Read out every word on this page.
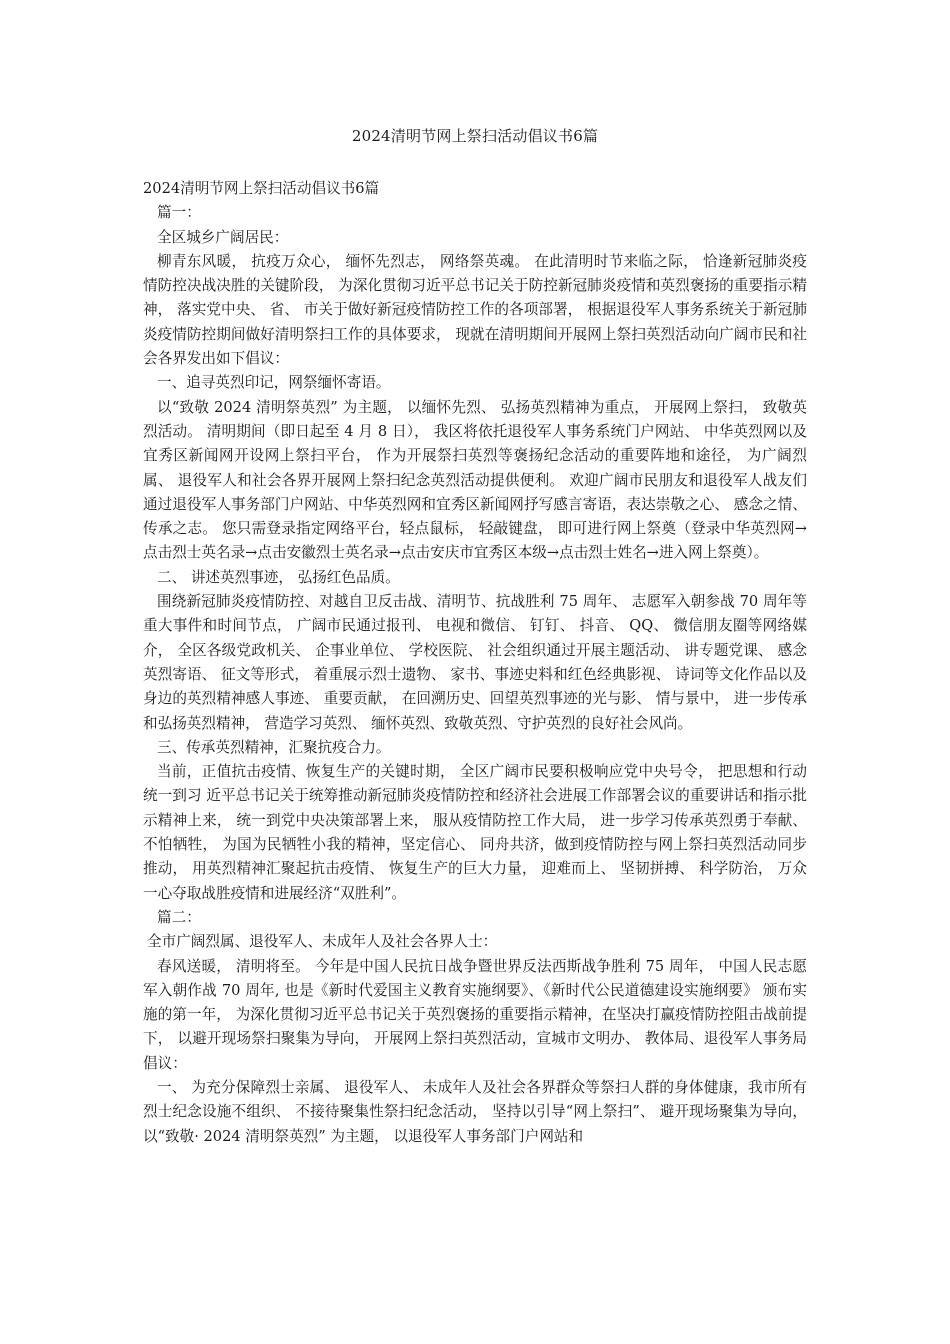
2024清明节网上祭扫活动倡议书6篇

2024清明节网上祭扫活动倡议书6篇

篇一：

全区城乡广阔居民：

柳青东风暖， 抗疫万众心， 缅怀先烈志， 网络祭英魂。 在此清明时节来临之际， 恰逢新冠肺炎疫情防控决战决胜的关键阶段， 为深化贯彻习近平总书记关于防控新冠肺炎疫情和英烈褒扬的重要指示精神， 落实党中央、 省、 市关于做好新冠疫情防控工作的各项部署， 根据退役军人事务系统关于新冠肺炎疫情防控期间做好清明祭扫工作的具体要求， 现就在清明期间开展网上祭扫英烈活动向广阔市民和社会各界发出如下倡议：

一、追寻英烈印记，网祭缅怀寄语。

以“致敬 2024 清明祭英烈” 为主题， 以缅怀先烈、 弘扬英烈精神为重点， 开展网上祭扫， 致敬英烈活动。 清明期间（即日起至 4 月 8 日）， 我区将依托退役军人事务系统门户网站、 中华英烈网以及宜秀区新闻网开设网上祭扫平台， 作为开展祭扫英烈等褒扬纪念活动的重要阵地和途径， 为广阔烈属、 退役军人和社会各界开展网上祭扫纪念英烈活动提供便利。 欢迎广阔市民朋友和退役军人战友们通过退役军人事务部门户网站、中华英烈网和宜秀区新闻网抒写感言寄语，表达崇敬之心、 感念之情、 传承之志。 您只需登录指定网络平台，轻点鼠标， 轻敲键盘， 即可进行网上祭奠（登录中华英烈网→点击烈士英名录→点击安徽烈士英名录→点击安庆市宜秀区本级→点击烈士姓名→进入网上祭奠）。

二、 讲述英烈事迹， 弘扬红色品质。

围绕新冠肺炎疫情防控、对越自卫反击战、清明节、抗战胜利 75 周年、 志愿军入朝参战 70 周年等重大事件和时间节点， 广阔市民通过报刊、 电视和微信、 钉钉、 抖音、 QQ、 微信朋友圈等网络媒介， 全区各级党政机关、 企事业单位、 学校医院、 社会组织通过开展主题活动、 讲专题党课、 感念英烈寄语、 征文等形式， 着重展示烈士遗物、 家书、事迹史料和红色经典影视、 诗词等文化作品以及身边的英烈精神感人事迹、 重要贡献， 在回溯历史、回望英烈事迹的光与影、 情与景中， 进一步传承和弘扬英烈精神， 营造学习英烈、 缅怀英烈、致敬英烈、守护英烈的良好社会风尚。

三、传承英烈精神，汇聚抗疫合力。

当前，正值抗击疫情、恢复生产的关键时期， 全区广阔市民要积极响应党中央号令， 把思想和行动统一到习 近平总书记关于统筹推动新冠肺炎疫情防控和经济社会进展工作部署会议的重要讲话和指示批示精神上来， 统一到党中央决策部署上来， 服从疫情防控工作大局， 进一步学习传承英烈勇于奉献、 不怕牺牲， 为国为民牺牲小我的精神，坚定信心、 同舟共济，做到疫情防控与网上祭扫英烈活动同步推动， 用英烈精神汇聚起抗击疫情、 恢复生产的巨大力量， 迎难而上、 坚韧拼搏、 科学防治， 万众一心夺取战胜疫情和进展经济“双胜利”。

篇二：

全市广阔烈属、退役军人、未成年人及社会各界人士：

春风送暖， 清明将至。 今年是中国人民抗日战争暨世界反法西斯战争胜利 75 周年， 中国人民志愿军入朝作战 70 周年, 也是《新时代爱国主义教育实施纲要》、《新时代公民道德建设实施纲要》 颁布实施的第一年， 为深化贯彻习近平总书记关于英烈褒扬的重要指示精神，在坚决打赢疫情防控阻击战前提下， 以避开现场祭扫聚集为导向， 开展网上祭扫英烈活动，宣城市文明办、 教体局、退役军人事务局倡议：

一、 为充分保障烈士亲属、 退役军人、 未成年人及社会各界群众等祭扫人群的身体健康，我市所有烈士纪念设施不组织、 不接待聚集性祭扫纪念活动， 坚持以引导“网上祭扫”、 避开现场聚集为导向， 以“致敬· 2024 清明祭英烈” 为主题， 以退役军人事务部门户网站和
